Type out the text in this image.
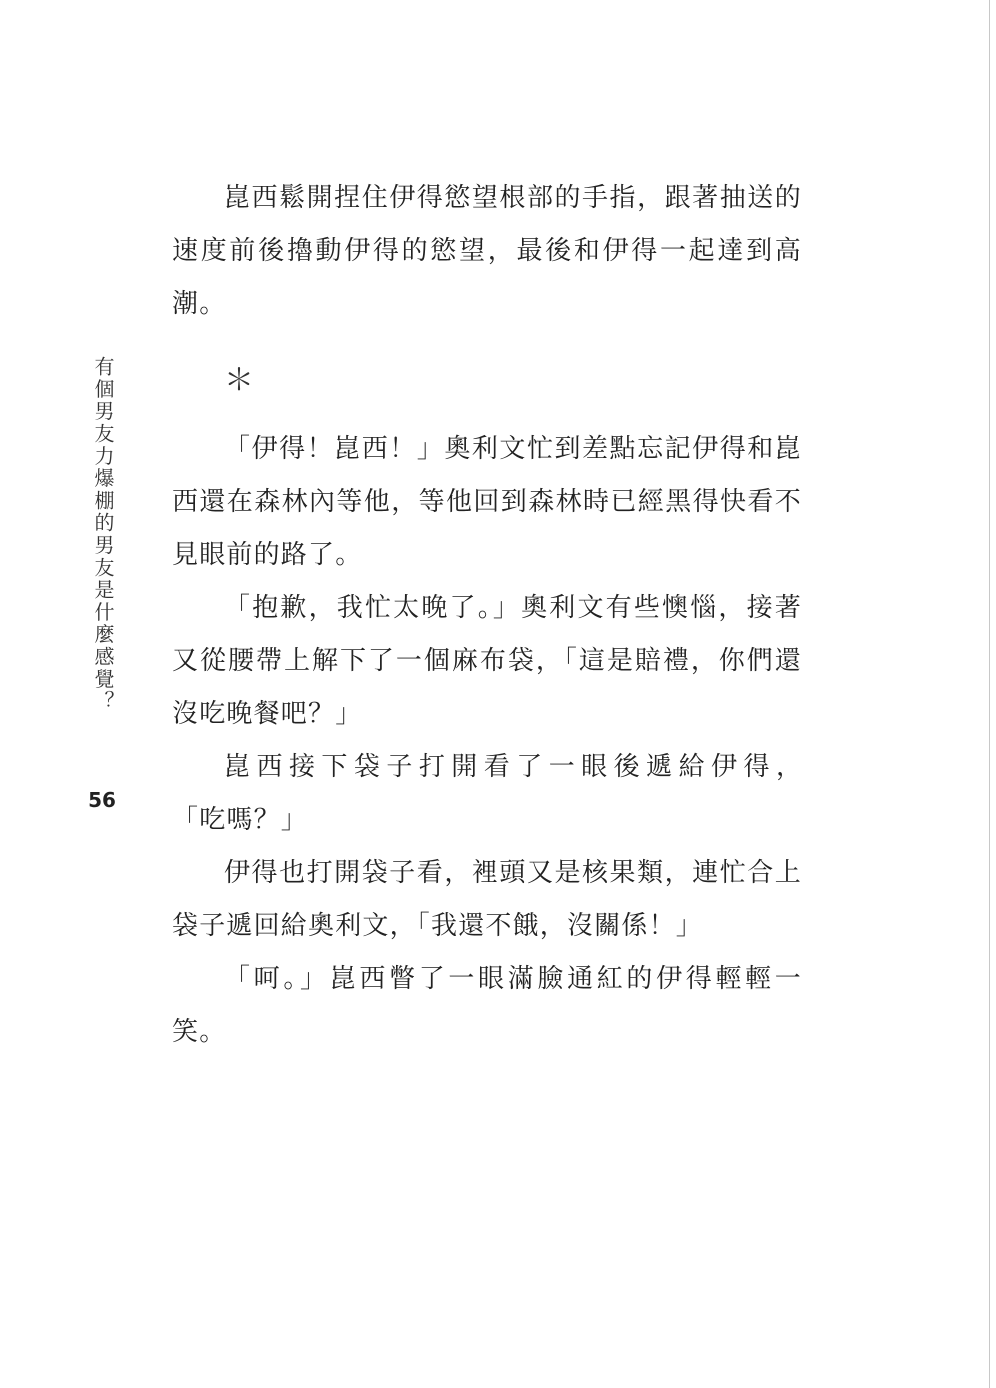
有個男友力爆棚的男友是什麼感覺？
56

崑西鬆開捏住伊得慾望根部的手指，跟著抽送的速度前後擼動伊得的慾望，最後和伊得一起達到高潮。

＊

「伊得！崑西！」奧利文忙到差點忘記伊得和崑西還在森林內等他，等他回到森林時已經黑得快看不見眼前的路了。

「抱歉，我忙太晚了。」奧利文有些懊惱，接著又從腰帶上解下了一個麻布袋，「這是賠禮，你們還沒吃晚餐吧？」

崑 西 接 下 袋 子 打 開 看 了 一 眼 後 遞 給 伊 得 ，

「吃嗎？」

伊得也打開袋子看，裡頭又是核果類，連忙合上袋子遞回給奧利文，「我還不餓，沒關係！」

「呵。」崑西瞥了一眼滿臉通紅的伊得輕輕一笑。
